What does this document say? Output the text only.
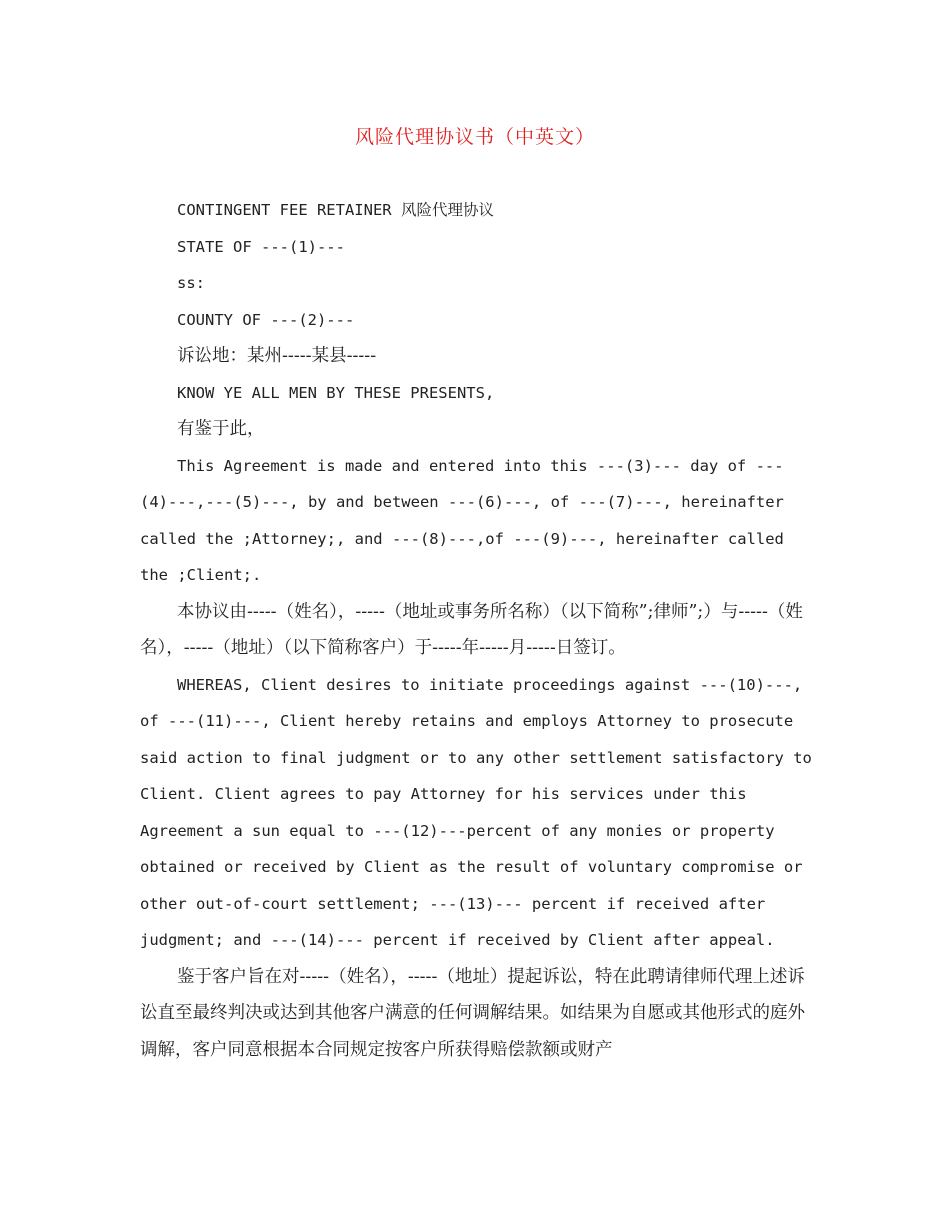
风险代理协议书（中英文）

CONTINGENT FEE RETAINER 风险代理协议

STATE OF ---(1)---

ss:

COUNTY OF ---(2)---

诉讼地：某州-----某县-----

KNOW YE ALL MEN BY THESE PRESENTS,

有鉴于此，

This Agreement is made and entered into this ---(3)--- day of ---(4)---,---(5)---, by and between ---(6)---, of ---(7)---, hereinafter called the ;Attorney;, and ---(8)---,of ---(9)---, hereinafter called the ;Client;.

本协议由-----（姓名），-----（地址或事务所名称）（以下简称”;律师”;）与-----（姓名），-----（地址）（以下简称客户）于-----年-----月-----日签订。

WHEREAS, Client desires to initiate proceedings against ---(10)---, of ---(11)---, Client hereby retains and employs Attorney to prosecute said action to final judgment or to any other settlement satisfactory to Client. Client agrees to pay Attorney for his services under this Agreement a sun equal to ---(12)---percent of any monies or property obtained or received by Client as the result of voluntary compromise or other out-of-court settlement; ---(13)--- percent if received after judgment; and ---(14)--- percent if received by Client after appeal.

鉴于客户旨在对-----（姓名），-----（地址）提起诉讼，特在此聘请律师代理上述诉讼直至最终判决或达到其他客户满意的任何调解结果。如结果为自愿或其他形式的庭外调解，客户同意根据本合同规定按客户所获得赔偿款额或财产
